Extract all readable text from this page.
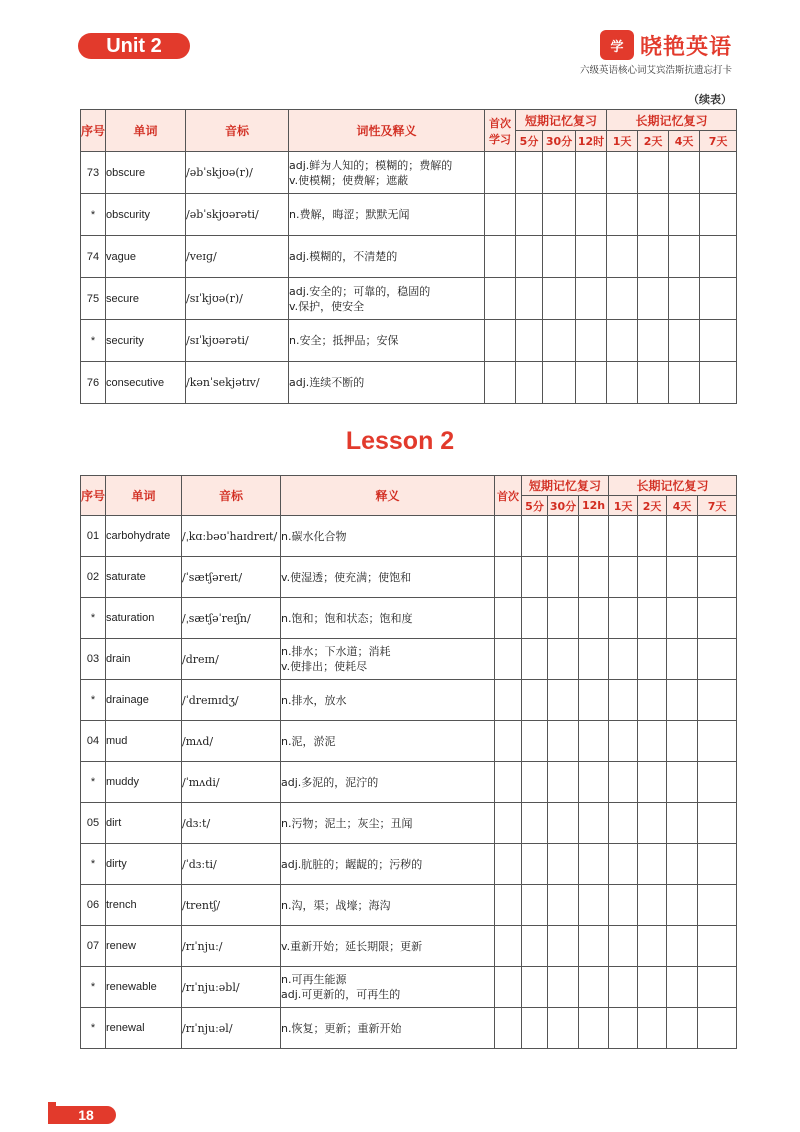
Unit 2	学 晓艳英语
六级英语核心词艾宾浩斯抗遗忘打卡
（续表）
序号	单词	音标	词性及释义	首次学习	短期记忆复习			长期记忆复习			
					5分	30分	12时	1天	2天	4天	7天
73	obscure	/əbˈskjʊə(r)/	adj.鲜为人知的；模糊的；费解的
v.使模糊；使费解；遮蔽								
*	obscurity	/əbˈskjʊərəti/	n.费解，晦涩；默默无闻								
74	vague	/veɪɡ/	adj.模糊的，不清楚的								
75	secure	/sɪˈkjʊə(r)/	adj.安全的；可靠的，稳固的
v.保护，使安全								
*	security	/sɪˈkjʊərəti/	n.安全；抵押品；安保								
76	consecutive	/kənˈsekjətɪv/	adj.连续不断的								
Lesson 2
序号	单词	音标	释义	首次	短期记忆复习			长期记忆复习			
					5分	30分	12h	1天	2天	4天	7天
01	carbohydrate	/ˌkɑːbəʊˈhaɪdreɪt/	n.碳水化合物								
02	saturate	/ˈsætʃəreɪt/	v.使湿透；使充满；使饱和								
*	saturation	/ˌsætʃəˈreɪʃn/	n.饱和；饱和状态；饱和度								
03	drain	/dreɪn/	n.排水；下水道；消耗
v.使排出；使耗尽								
*	drainage	/ˈdreɪnɪdʒ/	n.排水，放水								
04	mud	/mʌd/	n.泥，淤泥								
*	muddy	/ˈmʌdi/	adj.多泥的，泥泞的								
05	dirt	/dɜːt/	n.污物；泥土；灰尘；丑闻								
*	dirty	/ˈdɜːti/	adj.肮脏的；龌龊的；污秽的								
06	trench	/trentʃ/	n.沟，渠；战壕；海沟								
07	renew	/rɪˈnjuː/	v.重新开始；延长期限；更新								
*	renewable	/rɪˈnjuːəbl/	n.可再生能源
adj.可更新的，可再生的								
*	renewal	/rɪˈnjuːəl/	n.恢复；更新；重新开始								
18
